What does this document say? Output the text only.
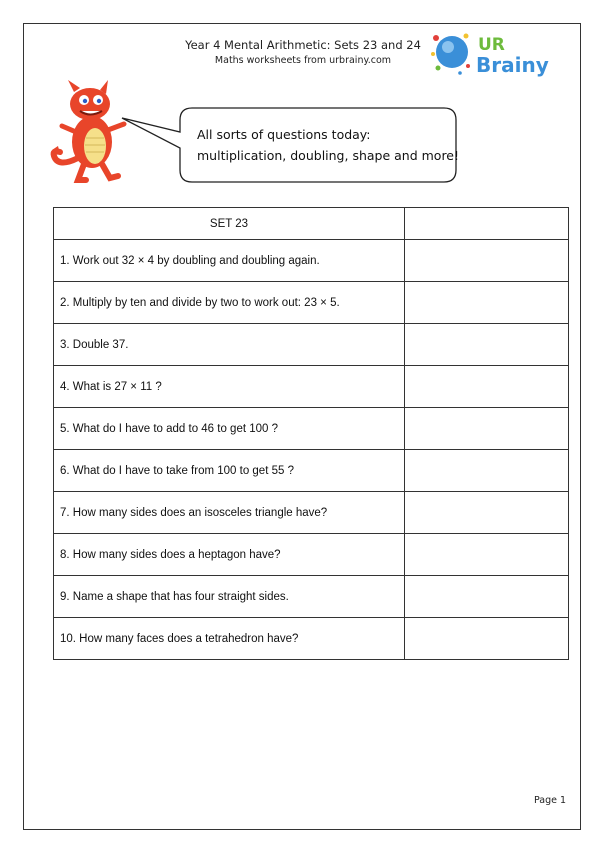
Year 4 Mental Arithmetic: Sets 23 and 24
Maths worksheets from urbrainy.com
UR
Brainy
All sorts of questions today:
multiplication, doubling, shape and more!
SET 23	
1. Work out 32 × 4 by doubling and doubling again.	
2. Multiply by ten and divide by two to work out: 23 × 5.	
3. Double 37.	
4. What is 27 × 11 ?	
5. What do I have to add to 46 to get 100 ?	
6. What do I have to take from 100 to get 55 ?	
7. How many sides does an isosceles triangle have?	
8. How many sides does a heptagon have?	
9. Name a shape that has four straight sides.	
10. How many faces does a tetrahedron have?	
Page 1
